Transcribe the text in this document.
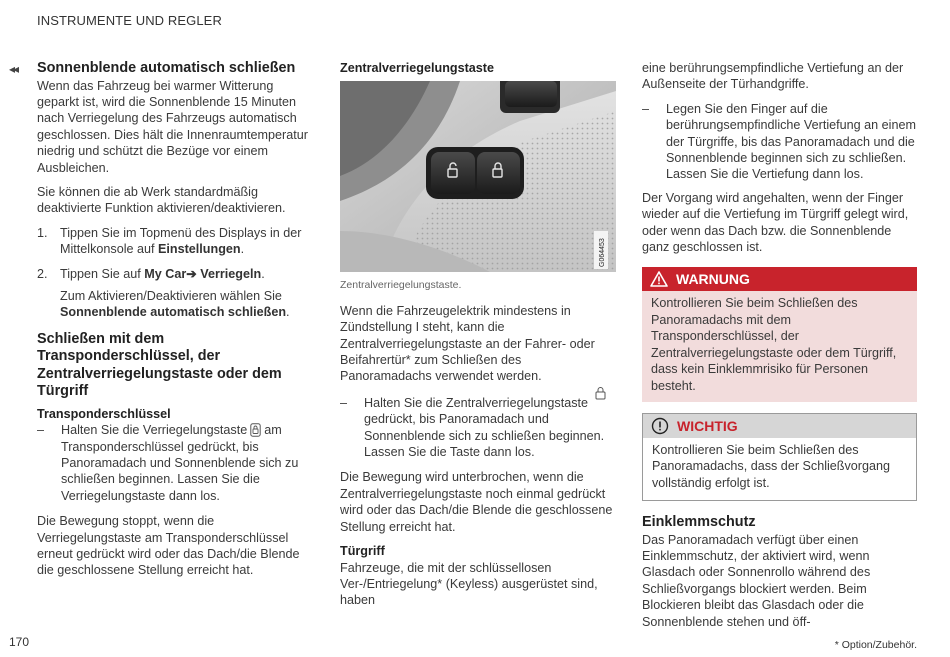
INSTRUMENTE UND REGLER
◂◂ Sonnenblende automatisch schließen

Wenn das Fahrzeug bei warmer Witterung geparkt ist, wird die Sonnenblende 15 Minuten nach Verriegelung des Fahrzeugs automatisch geschlossen. Dies hält die Innenraumtemperatur niedrig und schützt die Bezüge vor einem Ausbleichen.

Sie können die ab Werk standardmäßig deaktivierte Funktion aktivieren/deaktivieren.

1. Tippen Sie im Topmenü des Displays in der Mittelkonsole auf Einstellungen.
2. Tippen Sie auf My Car➔ Verriegeln.

Zum Aktivieren/Deaktivieren wählen Sie Sonnenblende automatisch schließen.

Schließen mit dem Transponderschlüssel, der Zentralverriegelungstaste oder dem Türgriff
Transponderschlüssel
–	Halten Sie die Verriegelungstaste am Transponderschlüssel gedrückt, bis Panoramadach und Sonnenblende sich zu schließen beginnen. Lassen Sie die Verriegelungstaste dann los.

Die Bewegung stoppt, wenn die Verriegelungstaste am Transponderschlüssel erneut gedrückt wird oder das Dach/die Blende die geschlossene Stellung erreicht hat.

Zentralverriegelungstaste
G064453
Zentralverriegelungstaste.

Wenn die Fahrzeugelektrik mindestens in Zündstellung I steht, kann die Zentralverriegelungstaste an der Fahrer- oder Beifahrertür* zum Schließen des Panoramadachs verwendet werden.

–	Halten Sie die Zentralverriegelungstaste gedrückt, bis Panoramadach und Sonnenblende sich zu schließen beginnen. Lassen Sie die Taste dann los.

Die Bewegung wird unterbrochen, wenn die Zentralverriegelungstaste noch einmal gedrückt wird oder das Dach/die Blende die geschlossene Stellung erreicht hat.

Türgriff

Fahrzeuge, die mit der schlüssellosen Ver-/Entriegelung* (Keyless) ausgerüstet sind, haben

eine berührungsempfindliche Vertiefung an der Außenseite der Türhandgriffe.

–	Legen Sie den Finger auf die berührungsempfindliche Vertiefung an einem der Türgriffe, bis das Panoramadach und die Sonnenblende beginnen sich zu schließen. Lassen Sie die Vertiefung dann los.

Der Vorgang wird angehalten, wenn der Finger wieder auf die Vertiefung im Türgriff gelegt wird, oder wenn das Dach bzw. die Sonnenblende ganz geschlossen ist.

WARNUNG
Kontrollieren Sie beim Schließen des Panoramadachs mit dem Transponderschlüssel, der Zentralverriegelungstaste oder dem Türgriff, dass kein Einklemmrisiko für Personen besteht.
WICHTIG
Kontrollieren Sie beim Schließen des Panoramadachs, dass der Schließvorgang vollständig erfolgt ist.
Einklemmschutz

Das Panoramadach verfügt über einen Einklemmschutz, der aktiviert wird, wenn Glasdach oder Sonnenrollo während des Schließvorgangs blockiert werden. Beim Blockieren bleibt das Glasdach oder die Sonnenblende stehen und öff-

170	* Option/Zubehör.
